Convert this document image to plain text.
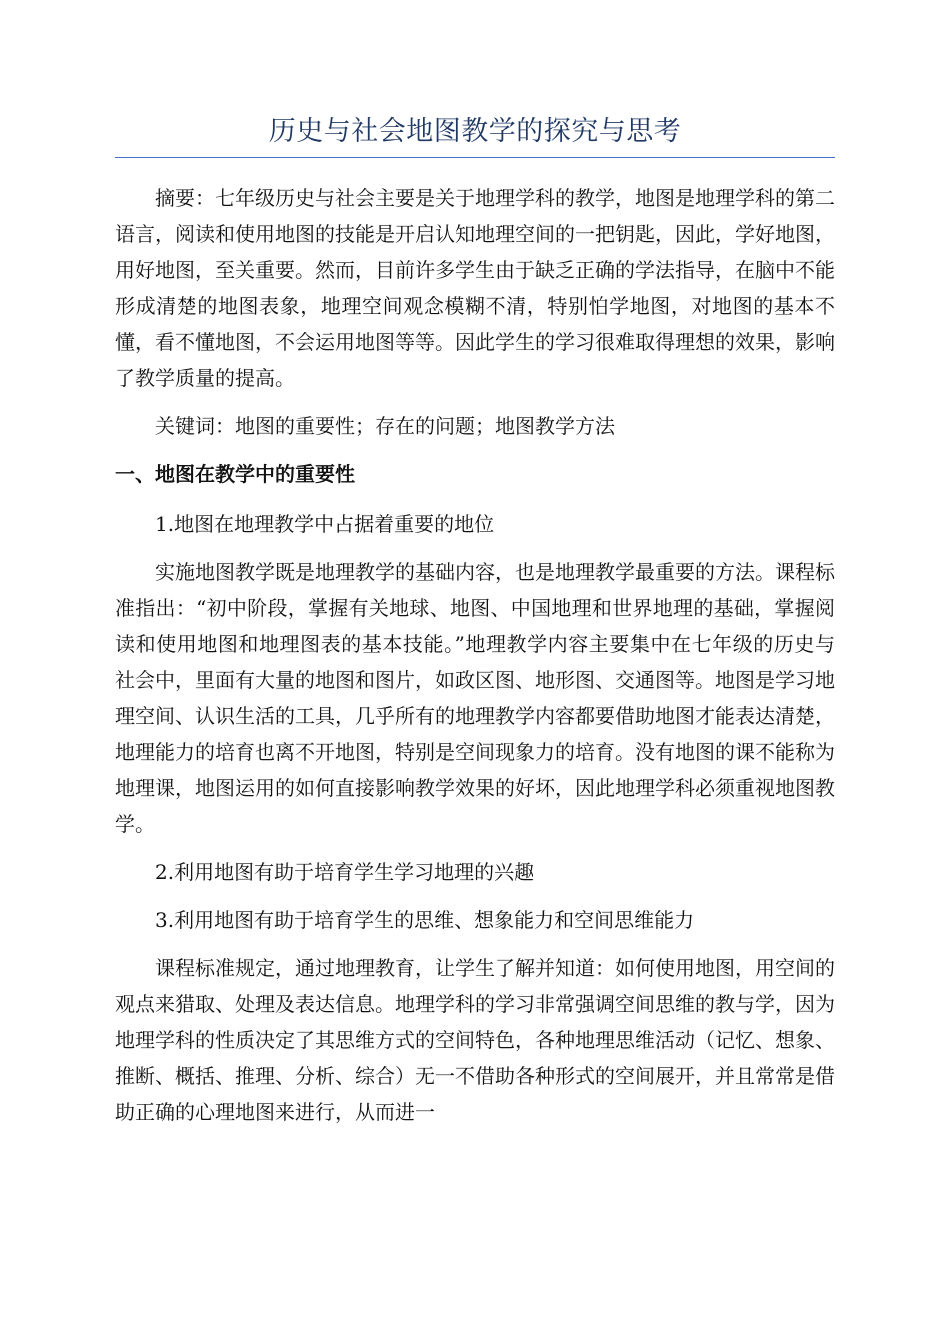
历史与社会地图教学的探究与思考

摘要：七年级历史与社会主要是关于地理学科的教学，地图是地理学科的第二语言，阅读和使用地图的技能是开启认知地理空间的一把钥匙，因此，学好地图，用好地图，至关重要。然而，目前许多学生由于缺乏正确的学法指导，在脑中不能形成清楚的地图表象，地理空间观念模糊不清，特别怕学地图，对地图的基本不懂，看不懂地图，不会运用地图等等。因此学生的学习很难取得理想的效果，影响了教学质量的提高。

关键词：地图的重要性；存在的问题；地图教学方法

一、地图在教学中的重要性

1.地图在地理教学中占据着重要的地位

实施地图教学既是地理教学的基础内容，也是地理教学最重要的方法。课程标准指出：“初中阶段，掌握有关地球、地图、中国地理和世界地理的基础，掌握阅读和使用地图和地理图表的基本技能。”地理教学内容主要集中在七年级的历史与社会中，里面有大量的地图和图片，如政区图、地形图、交通图等。地图是学习地理空间、认识生活的工具，几乎所有的地理教学内容都要借助地图才能表达清楚，地理能力的培育也离不开地图，特别是空间现象力的培育。没有地图的课不能称为地理课，地图运用的如何直接影响教学效果的好坏，因此地理学科必须重视地图教学。

2.利用地图有助于培育学生学习地理的兴趣

3.利用地图有助于培育学生的思维、想象能力和空间思维能力

课程标准规定，通过地理教育，让学生了解并知道：如何使用地图，用空间的观点来猎取、处理及表达信息。地理学科的学习非常强调空间思维的教与学，因为地理学科的性质决定了其思维方式的空间特色，各种地理思维活动（记忆、想象、推断、概括、推理、分析、综合）无一不借助各种形式的空间展开，并且常常是借助正确的心理地图来进行，从而进一
